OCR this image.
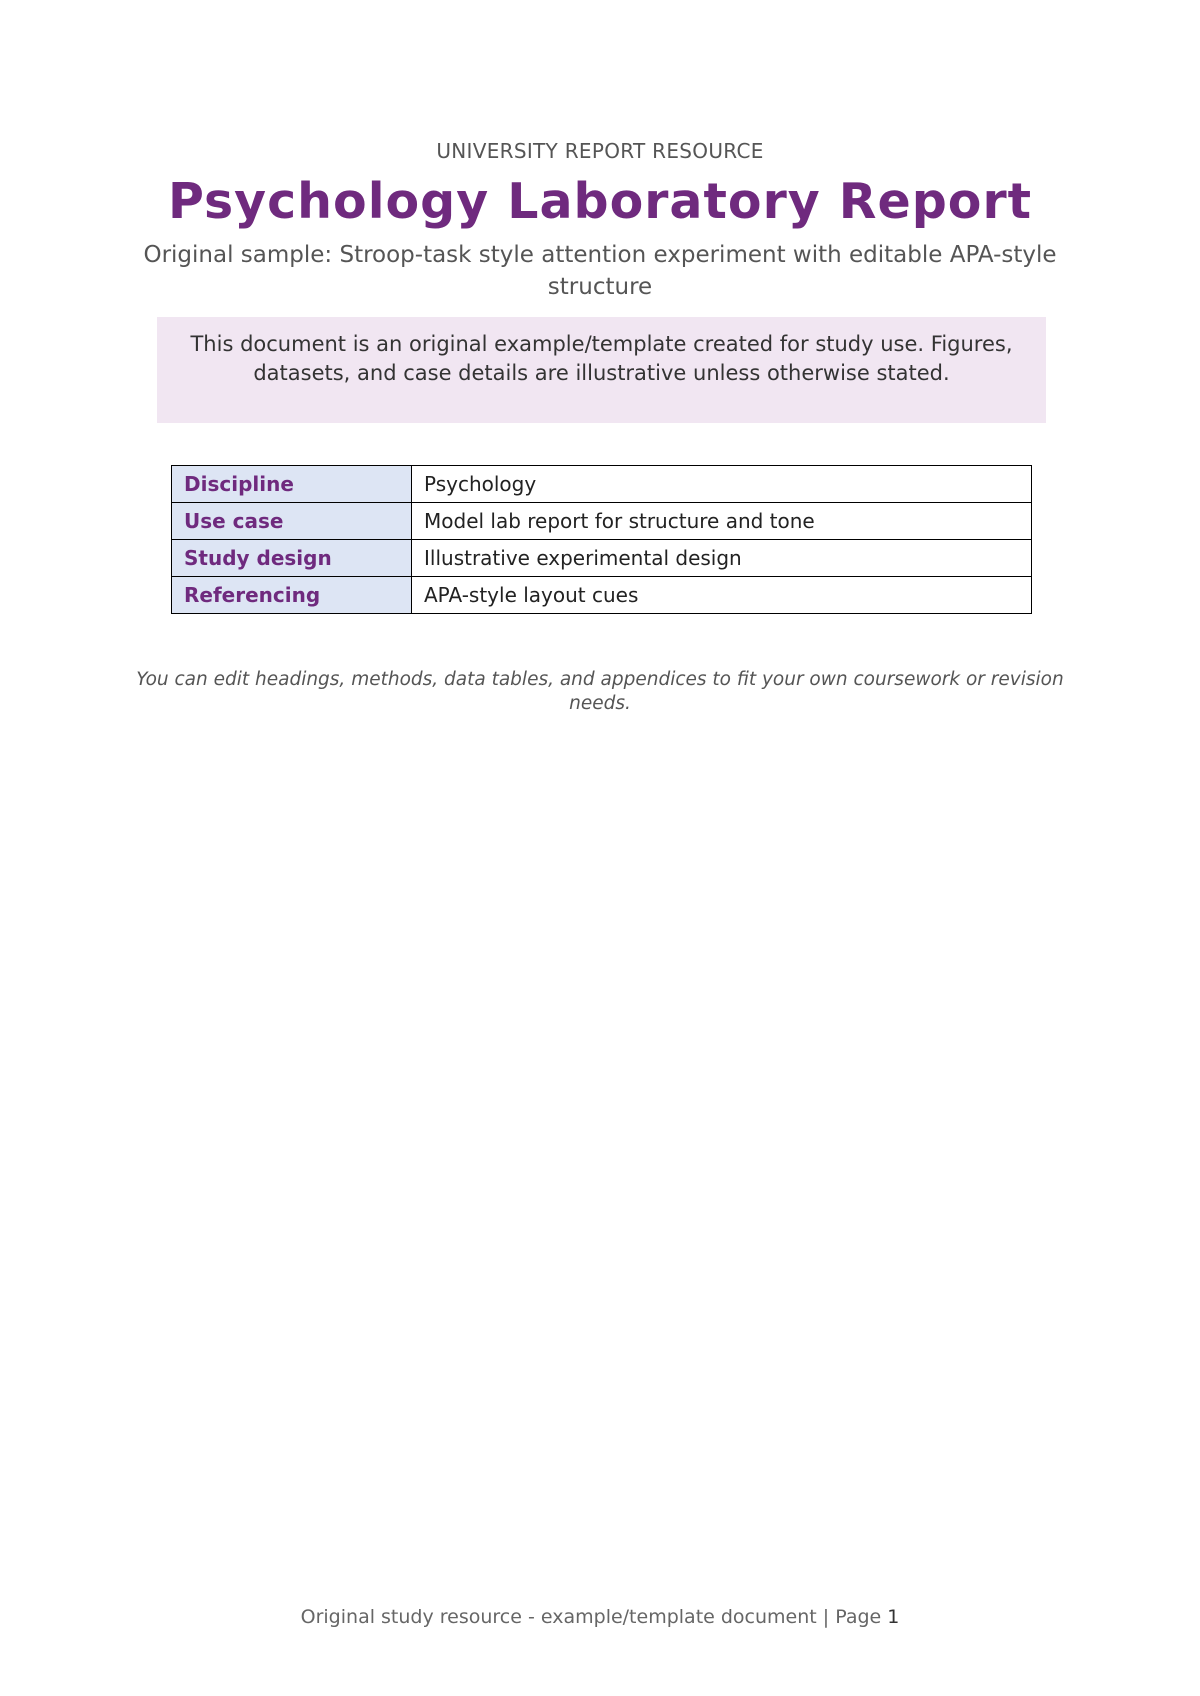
UNIVERSITY REPORT RESOURCE
Psychology Laboratory Report
Original sample: Stroop-task style attention experiment with editable APA-style structure
This document is an original example/template created for study use. Figures, datasets, and case details are illustrative unless otherwise stated.
Discipline	Psychology
Use case	Model lab report for structure and tone
Study design	Illustrative experimental design
Referencing	APA-style layout cues
You can edit headings, methods, data tables, and appendices to fit your own coursework or revision needs.
Original study resource - example/template document | Page 1
